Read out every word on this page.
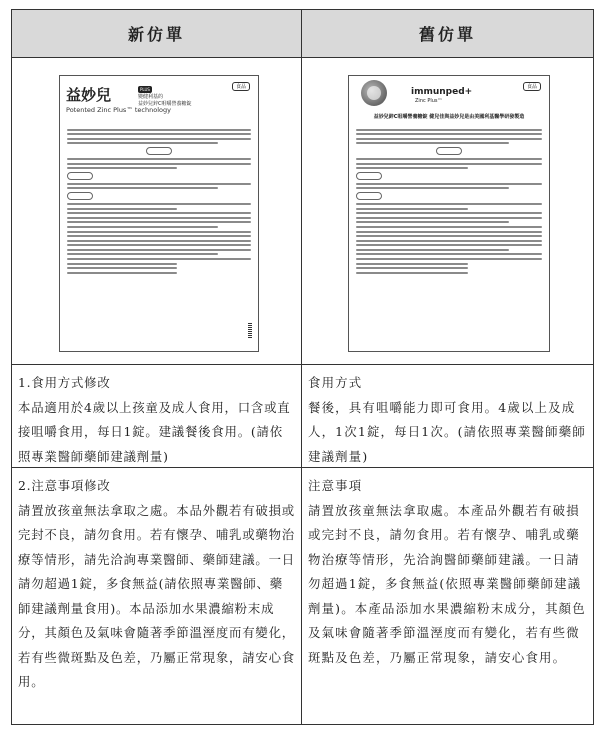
新仿單	舊仿單
益妙兒	PLUS
變健利基的
益妙兒鋅C咀嚼營養糖錠
食品
Potented Zinc Plus™ technology
immunped+
Zinc Plus™
食品
益妙兒鋅C咀嚼營養糖錠 健兒佳與益妙兒是由美國利基醫學研發製造
1.食用方式修改
本品適用於4歲以上孩童及成人食用，口含或直接咀嚼食用，每日1錠。建議餐後食用。(請依照專業醫師藥師建議劑量)
食用方式
餐後，具有咀嚼能力即可食用。4歲以上及成人，1次1錠，每日1次。(請依照專業醫師藥師建議劑量)
2.注意事項修改
請置放孩童無法拿取之處。本品外觀若有破損或完封不良，請勿食用。若有懷孕、哺乳或藥物治療等情形，請先洽詢專業醫師、藥師建議。一日請勿超過1錠，多食無益(請依照專業醫師、藥師建議劑量食用)。本品添加水果濃縮粉末成分，其顏色及氣味會隨著季節溫溼度而有變化，若有些微斑點及色差，乃屬正常現象，請安心食用。
注意事項
請置放孩童無法拿取處。本產品外觀若有破損或完封不良，請勿食用。若有懷孕、哺乳或藥物治療等情形，先洽詢醫師藥師建議。一日請勿超過1錠，多食無益(依照專業醫師藥師建議劑量)。本產品添加水果濃縮粉末成分，其顏色及氣味會隨著季節溫溼度而有變化，若有些微斑點及色差，乃屬正常現象，請安心食用。
